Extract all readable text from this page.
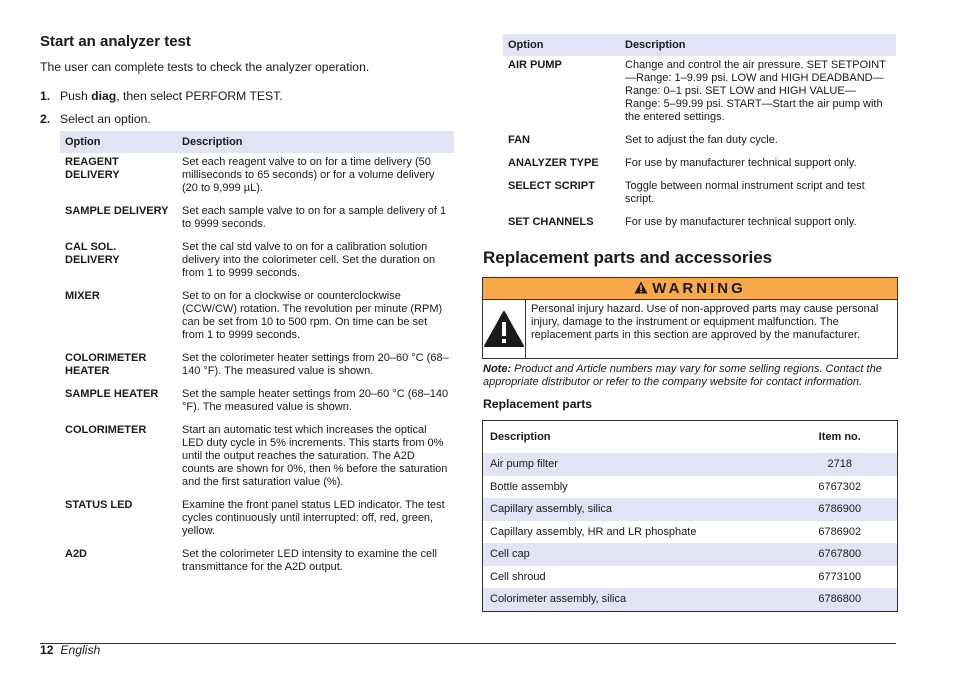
Start an analyzer test
The user can complete tests to check the analyzer operation.
1. Push diag, then select PERFORM TEST.
2. Select an option.
Option	Description
REAGENT DELIVERY	Set each reagent valve to on for a time delivery (50 milliseconds to 65 seconds) or for a volume delivery (20 to 9,999 µL).
SAMPLE DELIVERY	Set each sample valve to on for a sample delivery of 1 to 9999 seconds.
CAL SOL. DELIVERY	Set the cal std valve to on for a calibration solution delivery into the colorimeter cell. Set the duration on from 1 to 9999 seconds.
MIXER	Set to on for a clockwise or counterclockwise (CCW/CW) rotation. The revolution per minute (RPM) can be set from 10 to 500 rpm. On time can be set from 1 to 9999 seconds.
COLORIMETER HEATER	Set the colorimeter heater settings from 20–60 °C (68–140 °F). The measured value is shown.
SAMPLE HEATER	Set the sample heater settings from 20–60 °C (68–140 °F). The measured value is shown.
COLORIMETER	Start an automatic test which increases the optical LED duty cycle in 5% increments. This starts from 0% until the output reaches the saturation. The A2D counts are shown for 0%, then % before the saturation and the first saturation value (%).
STATUS LED	Examine the front panel status LED indicator. The test cycles continuously until interrupted: off, red, green, yellow.
A2D	Set the colorimeter LED intensity to examine the cell transmittance for the A2D output.
Option	Description
AIR PUMP	Change and control the air pressure. SET SETPOINT—Range: 1–9.99 psi. LOW and HIGH DEADBAND—Range: 0–1 psi. SET LOW and HIGH VALUE—Range: 5–99.99 psi. START—Start the air pump with the entered settings.
FAN	Set to adjust the fan duty cycle.
ANALYZER TYPE	For use by manufacturer technical support only.
SELECT SCRIPT	Toggle between normal instrument script and test script.
SET CHANNELS	For use by manufacturer technical support only.
Replacement parts and accessories
WARNING
Personal injury hazard. Use of non-approved parts may cause personal injury, damage to the instrument or equipment malfunction. The replacement parts in this section are approved by the manufacturer.
Note: Product and Article numbers may vary for some selling regions. Contact the appropriate distributor or refer to the company website for contact information.
Replacement parts
Description	Item no.
Air pump filter	2718
Bottle assembly	6767302
Capillary assembly, silica	6786900
Capillary assembly, HR and LR phosphate	6786902
Cell cap	6767800
Cell shroud	6773100
Colorimeter assembly, silica	6786800
12 English
